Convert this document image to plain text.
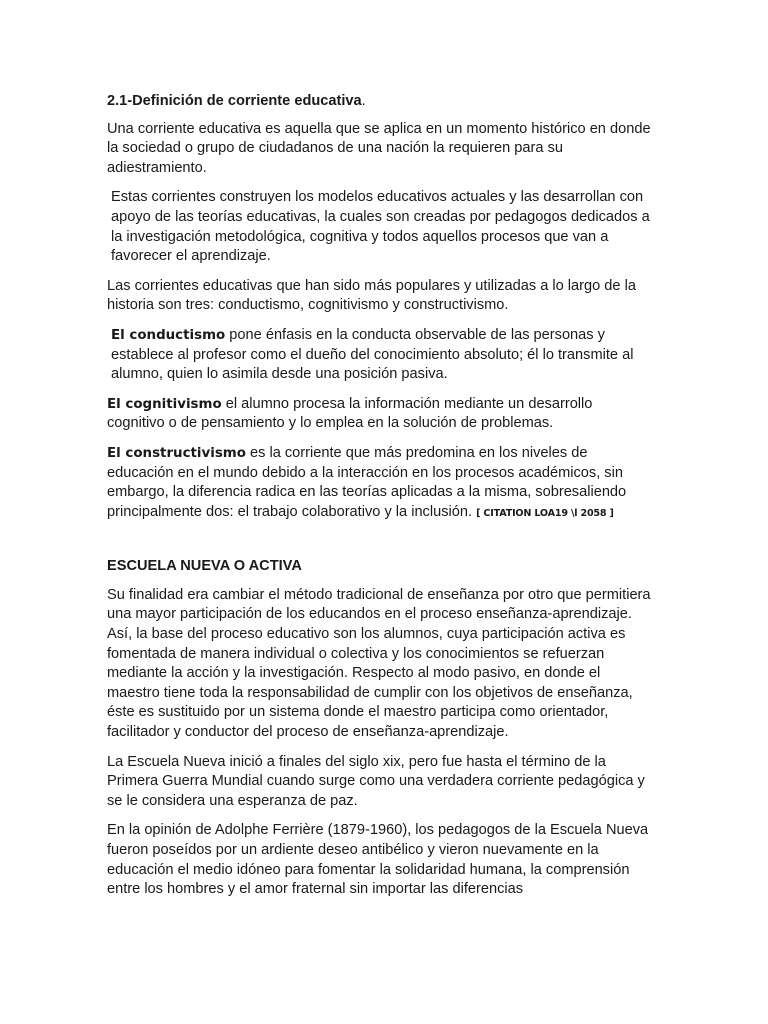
2.1-Definición de corriente educativa.

Una corriente educativa es aquella que se aplica en un momento histórico en donde la sociedad o grupo de ciudadanos de una nación la requieren para su adiestramiento.

Estas corrientes construyen los modelos educativos actuales y las desarrollan con apoyo de las teorías educativas, la cuales son creadas por pedagogos dedicados a la investigación metodológica, cognitiva y todos aquellos procesos que van a favorecer el aprendizaje.

Las corrientes educativas que han sido más populares y utilizadas a lo largo de la historia son tres: conductismo, cognitivismo y constructivismo.

El conductismo pone énfasis en la conducta observable de las personas y establece al profesor como el dueño del conocimiento absoluto; él lo transmite al alumno, quien lo asimila desde una posición pasiva.

El cognitivismo el alumno procesa la información mediante un desarrollo cognitivo o de pensamiento y lo emplea en la solución de problemas.

El constructivismo es la corriente que más predomina en los niveles de educación en el mundo debido a la interacción en los procesos académicos, sin embargo, la diferencia radica en las teorías aplicadas a la misma, sobresaliendo principalmente dos: el trabajo colaborativo y la inclusión. [ CITATION LOA19 \l 2058 ]

ESCUELA NUEVA O ACTIVA

Su finalidad era cambiar el método tradicional de enseñanza por otro que permitiera una mayor participación de los educandos en el proceso enseñanza-aprendizaje. Así, la base del proceso educativo son los alumnos, cuya participación activa es fomentada de manera individual o colectiva y los conocimientos se refuerzan mediante la acción y la investigación. Respecto al modo pasivo, en donde el maestro tiene toda la responsabilidad de cumplir con los objetivos de enseñanza, éste es sustituido por un sistema donde el maestro participa como orientador, facilitador y conductor del proceso de enseñanza-aprendizaje.

La Escuela Nueva inició a finales del siglo xix, pero fue hasta el término de la Primera Guerra Mundial cuando surge como una verdadera corriente pedagógica y se le considera una esperanza de paz.

En la opinión de Adolphe Ferrière (1879-1960), los pedagogos de la Escuela Nueva fueron poseídos por un ardiente deseo antibélico y vieron nuevamente en la educación el medio idóneo para fomentar la solidaridad humana, la comprensión entre los hombres y el amor fraternal sin importar las diferencias
